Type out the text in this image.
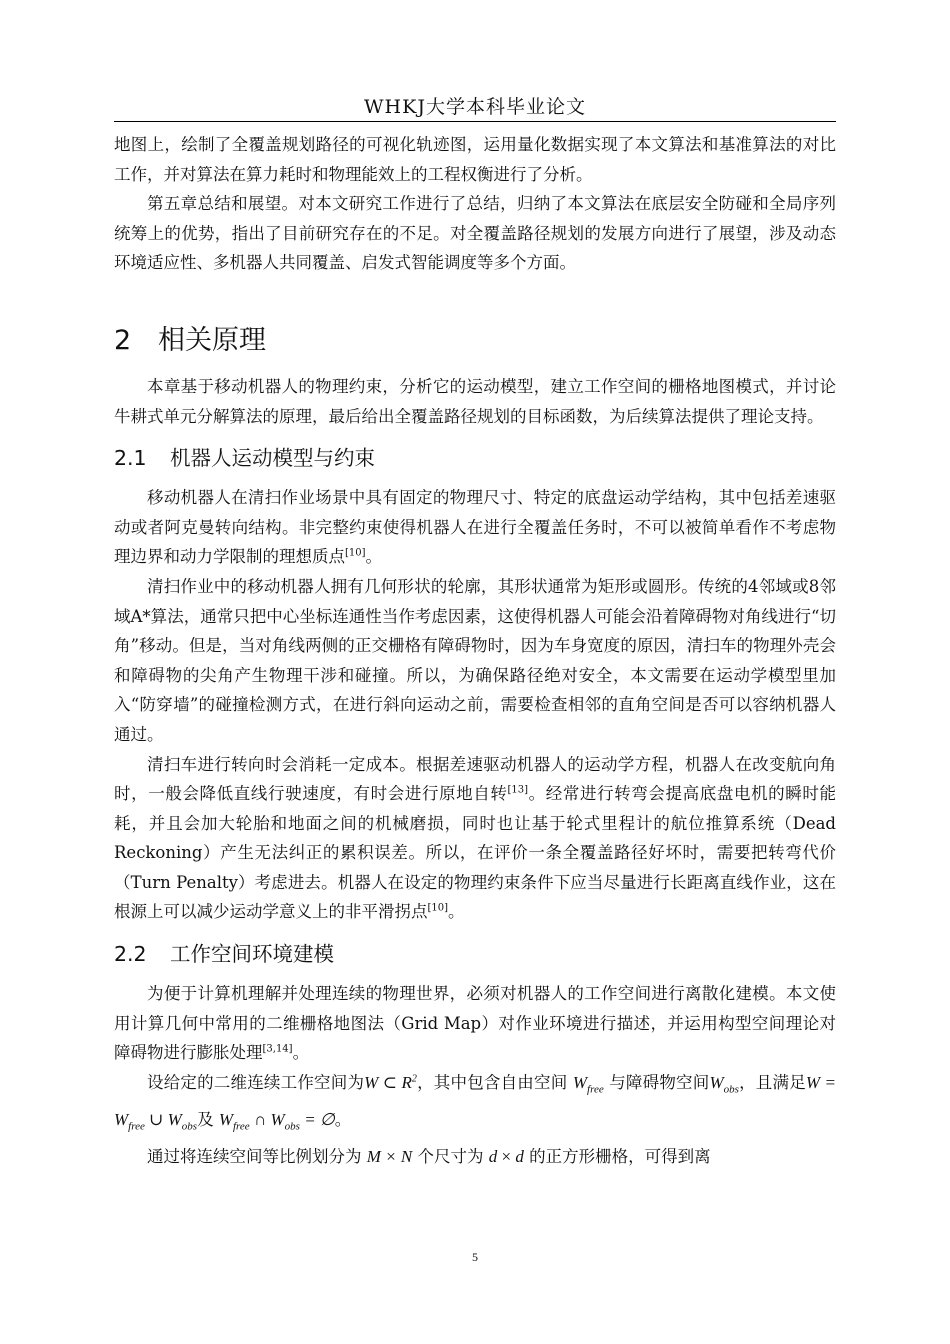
WHKJ大学本科毕业论文

地图上，绘制了全覆盖规划路径的可视化轨迹图，运用量化数据实现了本文算法和基准算法的对比工作，并对算法在算力耗时和物理能效上的工程权衡进行了分析。

第五章总结和展望。对本文研究工作进行了总结，归纳了本文算法在底层安全防碰和全局序列统筹上的优势，指出了目前研究存在的不足。对全覆盖路径规划的发展方向进行了展望，涉及动态环境适应性、多机器人共同覆盖、启发式智能调度等多个方面。

2 相关原理

本章基于移动机器人的物理约束，分析它的运动模型，建立工作空间的栅格地图模式，并讨论牛耕式单元分解算法的原理，最后给出全覆盖路径规划的目标函数，为后续算法提供了理论支持。

2.1 机器人运动模型与约束

移动机器人在清扫作业场景中具有固定的物理尺寸、特定的底盘运动学结构，其中包括差速驱动或者阿克曼转向结构。非完整约束使得机器人在进行全覆盖任务时，不可以被简单看作不考虑物理边界和动力学限制的理想质点[10]。

清扫作业中的移动机器人拥有几何形状的轮廓，其形状通常为矩形或圆形。传统的4邻域或8邻域A*算法，通常只把中心坐标连通性当作考虑因素，这使得机器人可能会沿着障碍物对角线进行“切角”移动。但是，当对角线两侧的正交栅格有障碍物时，因为车身宽度的原因，清扫车的物理外壳会和障碍物的尖角产生物理干涉和碰撞。所以，为确保路径绝对安全，本文需要在运动学模型里加入“防穿墙”的碰撞检测方式，在进行斜向运动之前，需要检查相邻的直角空间是否可以容纳机器人通过。

清扫车进行转向时会消耗一定成本。根据差速驱动机器人的运动学方程，机器人在改变航向角时，一般会降低直线行驶速度，有时会进行原地自转[13]。经常进行转弯会提高底盘电机的瞬时能耗，并且会加大轮胎和地面之间的机械磨损，同时也让基于轮式里程计的航位推算系统（Dead Reckoning）产生无法纠正的累积误差。所以，在评价一条全覆盖路径好坏时，需要把转弯代价（Turn Penalty）考虑进去。机器人在设定的物理约束条件下应当尽量进行长距离直线作业，这在根源上可以减少运动学意义上的非平滑拐点[10]。

2.2 工作空间环境建模

为便于计算机理解并处理连续的物理世界，必须对机器人的工作空间进行离散化建模。本文使用计算几何中常用的二维栅格地图法（Grid Map）对作业环境进行描述，并运用构型空间理论对障碍物进行膨胀处理[3,14]。

设给定的二维连续工作空间为W ⊂ $R^2$，其中包含自由空间 $W_{free}$ 与障碍物空间$W_{obs}$，且满足$W = W_{free}$ ∪ $W_{obs}$及 $W_{free}$ ∩ $W_{obs}$ = ∅。

通过将连续空间等比例划分为 M × N 个尺寸为 d × d 的正方形栅格，可得到离

5
